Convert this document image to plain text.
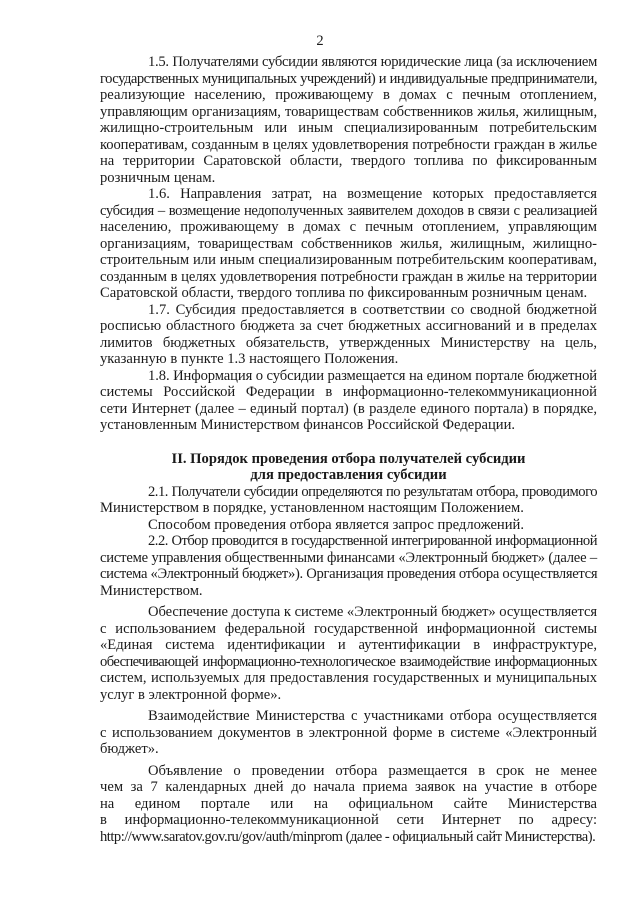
2
1.5. Получателями субсидии являются юридические лица (за исключением
государственных муниципальных учреждений) и индивидуальные предприниматели,
реализующие населению, проживающему в домах с печным отоплением,
управляющим организациям, товариществам собственников жилья, жилищным,
жилищно-строительным или иным специализированным потребительским
кооперативам, созданным в целях удовлетворения потребности граждан в жилье
на территории Саратовской области, твердого топлива по фиксированным
розничным ценам.
1.6. Направления затрат, на возмещение которых предоставляется
субсидия – возмещение недополученных заявителем доходов в связи с реализацией
населению, проживающему в домах с печным отоплением, управляющим
организациям, товариществам собственников жилья, жилищным, жилищно-
строительным или иным специализированным потребительским кооперативам,
созданным в целях удовлетворения потребности граждан в жилье на территории
Саратовской области, твердого топлива по фиксированным розничным ценам.
1.7. Субсидия предоставляется в соответствии со сводной бюджетной
росписью областного бюджета за счет бюджетных ассигнований и в пределах
лимитов бюджетных обязательств, утвержденных Министерству на цель,
указанную в пункте 1.3 настоящего Положения.
1.8. Информация о субсидии размещается на едином портале бюджетной
системы Российской Федерации в информационно-телекоммуникационной
сети Интернет (далее – единый портал) (в разделе единого портала) в порядке,
установленным Министерством финансов Российской Федерации.
II. Порядок проведения отбора получателей субсидии
для предоставления субсидии
2.1. Получатели субсидии определяются по результатам отбора, проводимого
Министерством в порядке, установленном настоящим Положением.
Способом проведения отбора является запрос предложений.
2.2. Отбор проводится в государственной интегрированной информационной
системе управления общественными финансами «Электронный бюджет» (далее –
система «Электронный бюджет»). Организация проведения отбора осуществляется
Министерством.
Обеспечение доступа к системе «Электронный бюджет» осуществляется
с использованием федеральной государственной информационной системы
«Единая система идентификации и аутентификации в инфраструктуре,
обеспечивающей информационно-технологическое взаимодействие информационных
систем, используемых для предоставления государственных и муниципальных
услуг в электронной форме».
Взаимодействие Министерства с участниками отбора осуществляется
с использованием документов в электронной форме в системе «Электронный
бюджет».
Объявление о проведении отбора размещается в срок не менее
чем за 7 календарных дней до начала приема заявок на участие в отборе
на едином портале или на официальном сайте Министерства
в информационно-телекоммуникационной сети Интернет по адресу:
http://www.saratov.gov.ru/gov/auth/minprom (далее - официальный сайт Министерства).
